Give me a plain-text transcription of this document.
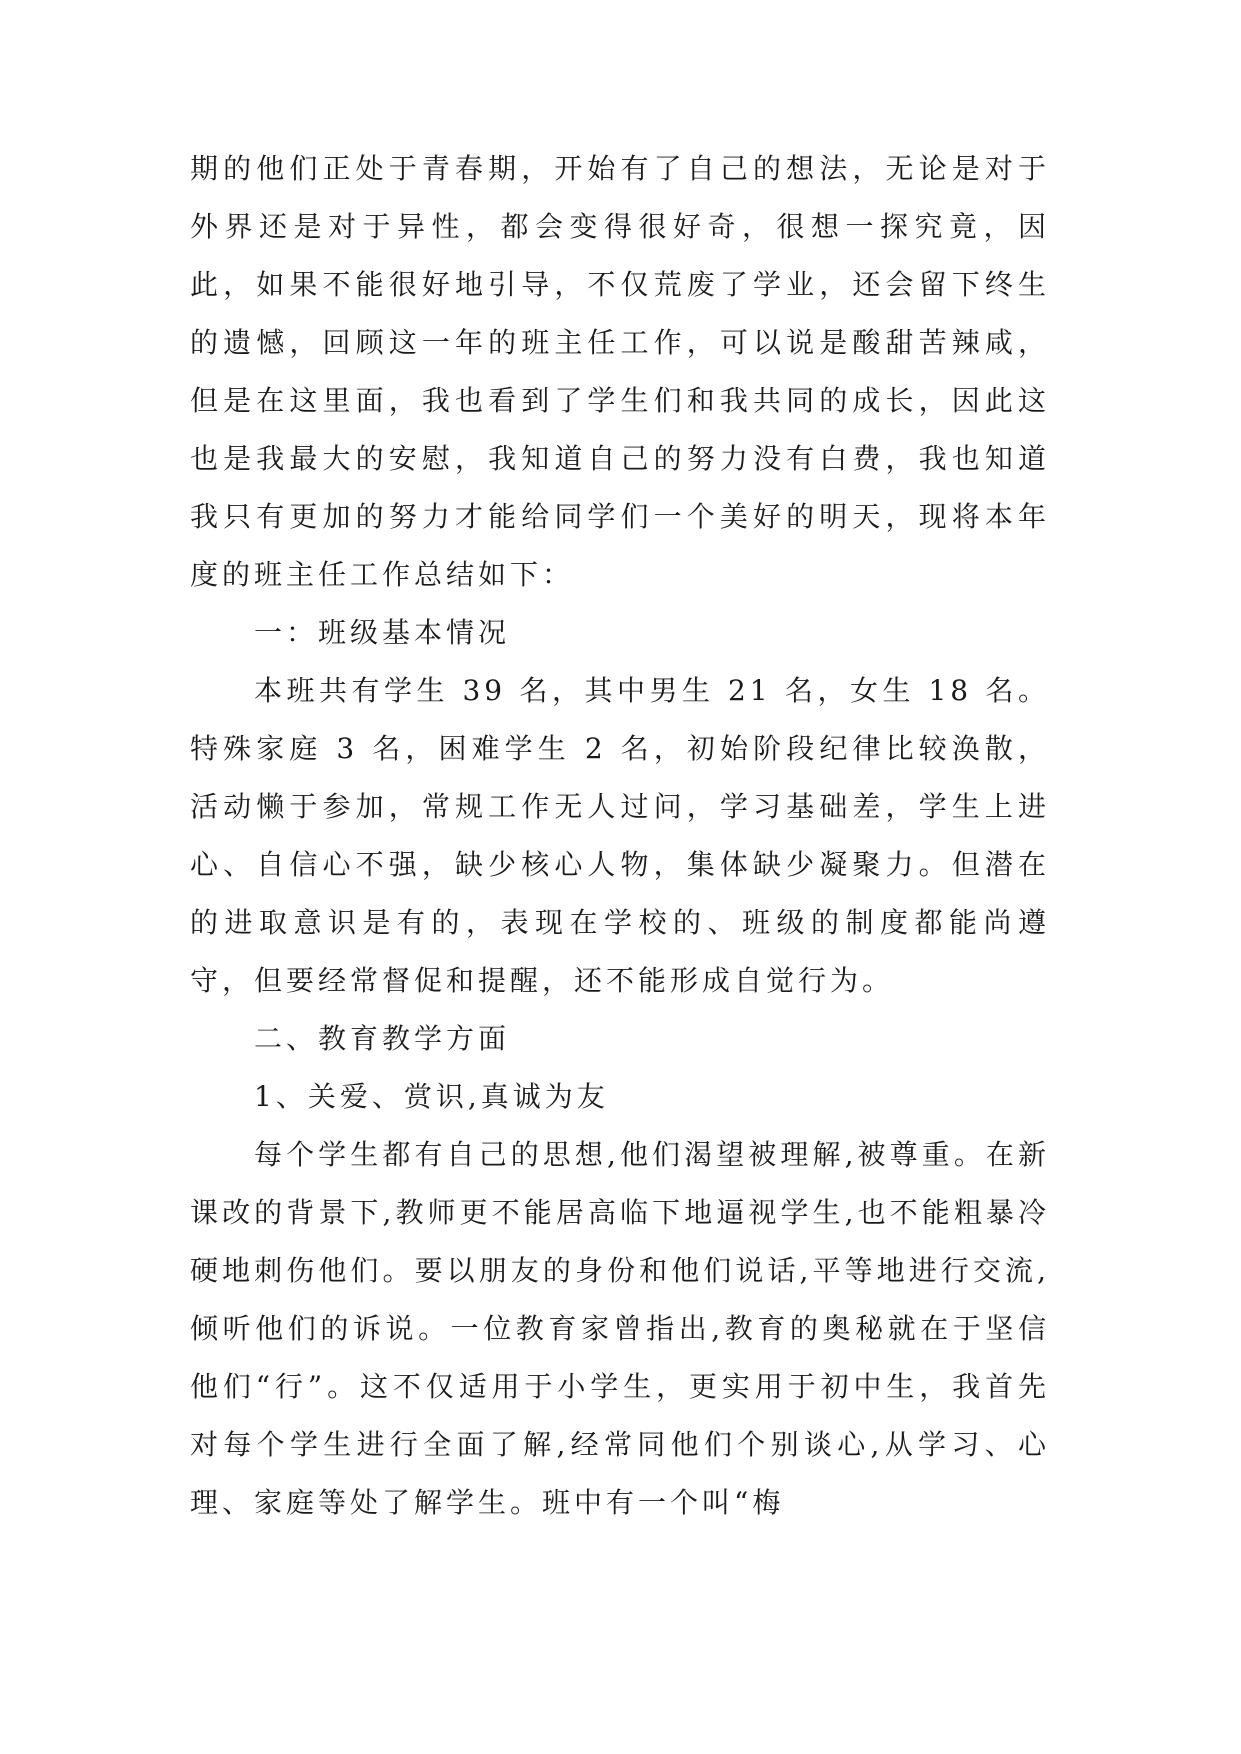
期的他们正处于青春期，开始有了自己的想法，无论是对于外界还是对于异性，都会变得很好奇，很想一探究竟，因此，如果不能很好地引导，不仅荒废了学业，还会留下终生的遗憾，回顾这一年的班主任工作，可以说是酸甜苦辣咸，但是在这里面，我也看到了学生们和我共同的成长，因此这也是我最大的安慰，我知道自己的努力没有白费，我也知道我只有更加的努力才能给同学们一个美好的明天，现将本年度的班主任工作总结如下：

一：班级基本情况

本班共有学生 39 名，其中男生 21 名，女生 18 名。特殊家庭 3 名，困难学生 2 名，初始阶段纪律比较涣散，活动懒于参加，常规工作无人过问，学习基础差，学生上进心、自信心不强，缺少核心人物，集体缺少凝聚力。但潜在的进取意识是有的，表现在学校的、班级的制度都能尚遵守，但要经常督促和提醒，还不能形成自觉行为。

二、教育教学方面

1、关爱、赏识,真诚为友

每个学生都有自己的思想,他们渴望被理解,被尊重。在新课改的背景下,教师更不能居高临下地逼视学生,也不能粗暴冷硬地刺伤他们。要以朋友的身份和他们说话,平等地进行交流,倾听他们的诉说。一位教育家曾指出,教育的奥秘就在于坚信他们“行”。这不仅适用于小学生，更实用于初中生，我首先对每个学生进行全面了解,经常同他们个别谈心,从学习、心理、家庭等处了解学生。班中有一个叫“梅
